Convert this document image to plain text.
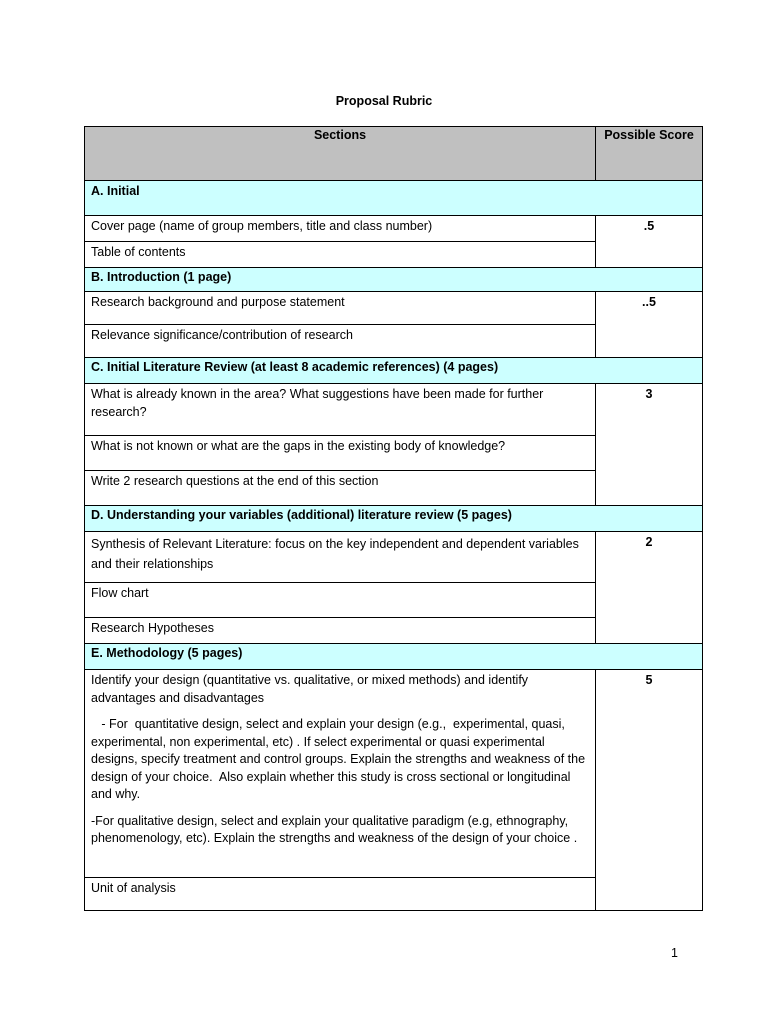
Proposal Rubric
Sections	Possible Score
A. Initial	
Cover page (name of group members, title and class number)	.5
Table of contents	
B. Introduction (1 page)	
Research background and purpose statement	..5
Relevance significance/contribution of research	
C. Initial Literature Review (at least 8 academic references) (4 pages)	
What is already known in the area? What suggestions have been made for further research?	3
What is not known or what are the gaps in the existing body of knowledge?	
Write 2 research questions at the end of this section	
D. Understanding your variables (additional) literature review (5 pages)	
Synthesis of Relevant Literature: focus on the key independent and dependent variables and their relationships	2
Flow chart	
Research Hypotheses	
E. Methodology (5 pages)	

Identify your design (quantitative vs. qualitative, or mixed methods) and identify advantages and disadvantages

- For  quantitative design, select and explain your design (e.g.,  experimental, quasi, experimental, non experimental, etc) . If select experimental or quasi experimental designs, specify treatment and control groups. Explain the strengths and weakness of the design of your choice.  Also explain whether this study is cross sectional or longitudinal and why.

-For qualitative design, select and explain your qualitative paradigm (e.g, ethnography, phenomenology, etc). Explain the strengths and weakness of the design of your choice .	5
Unit of analysis	
1
